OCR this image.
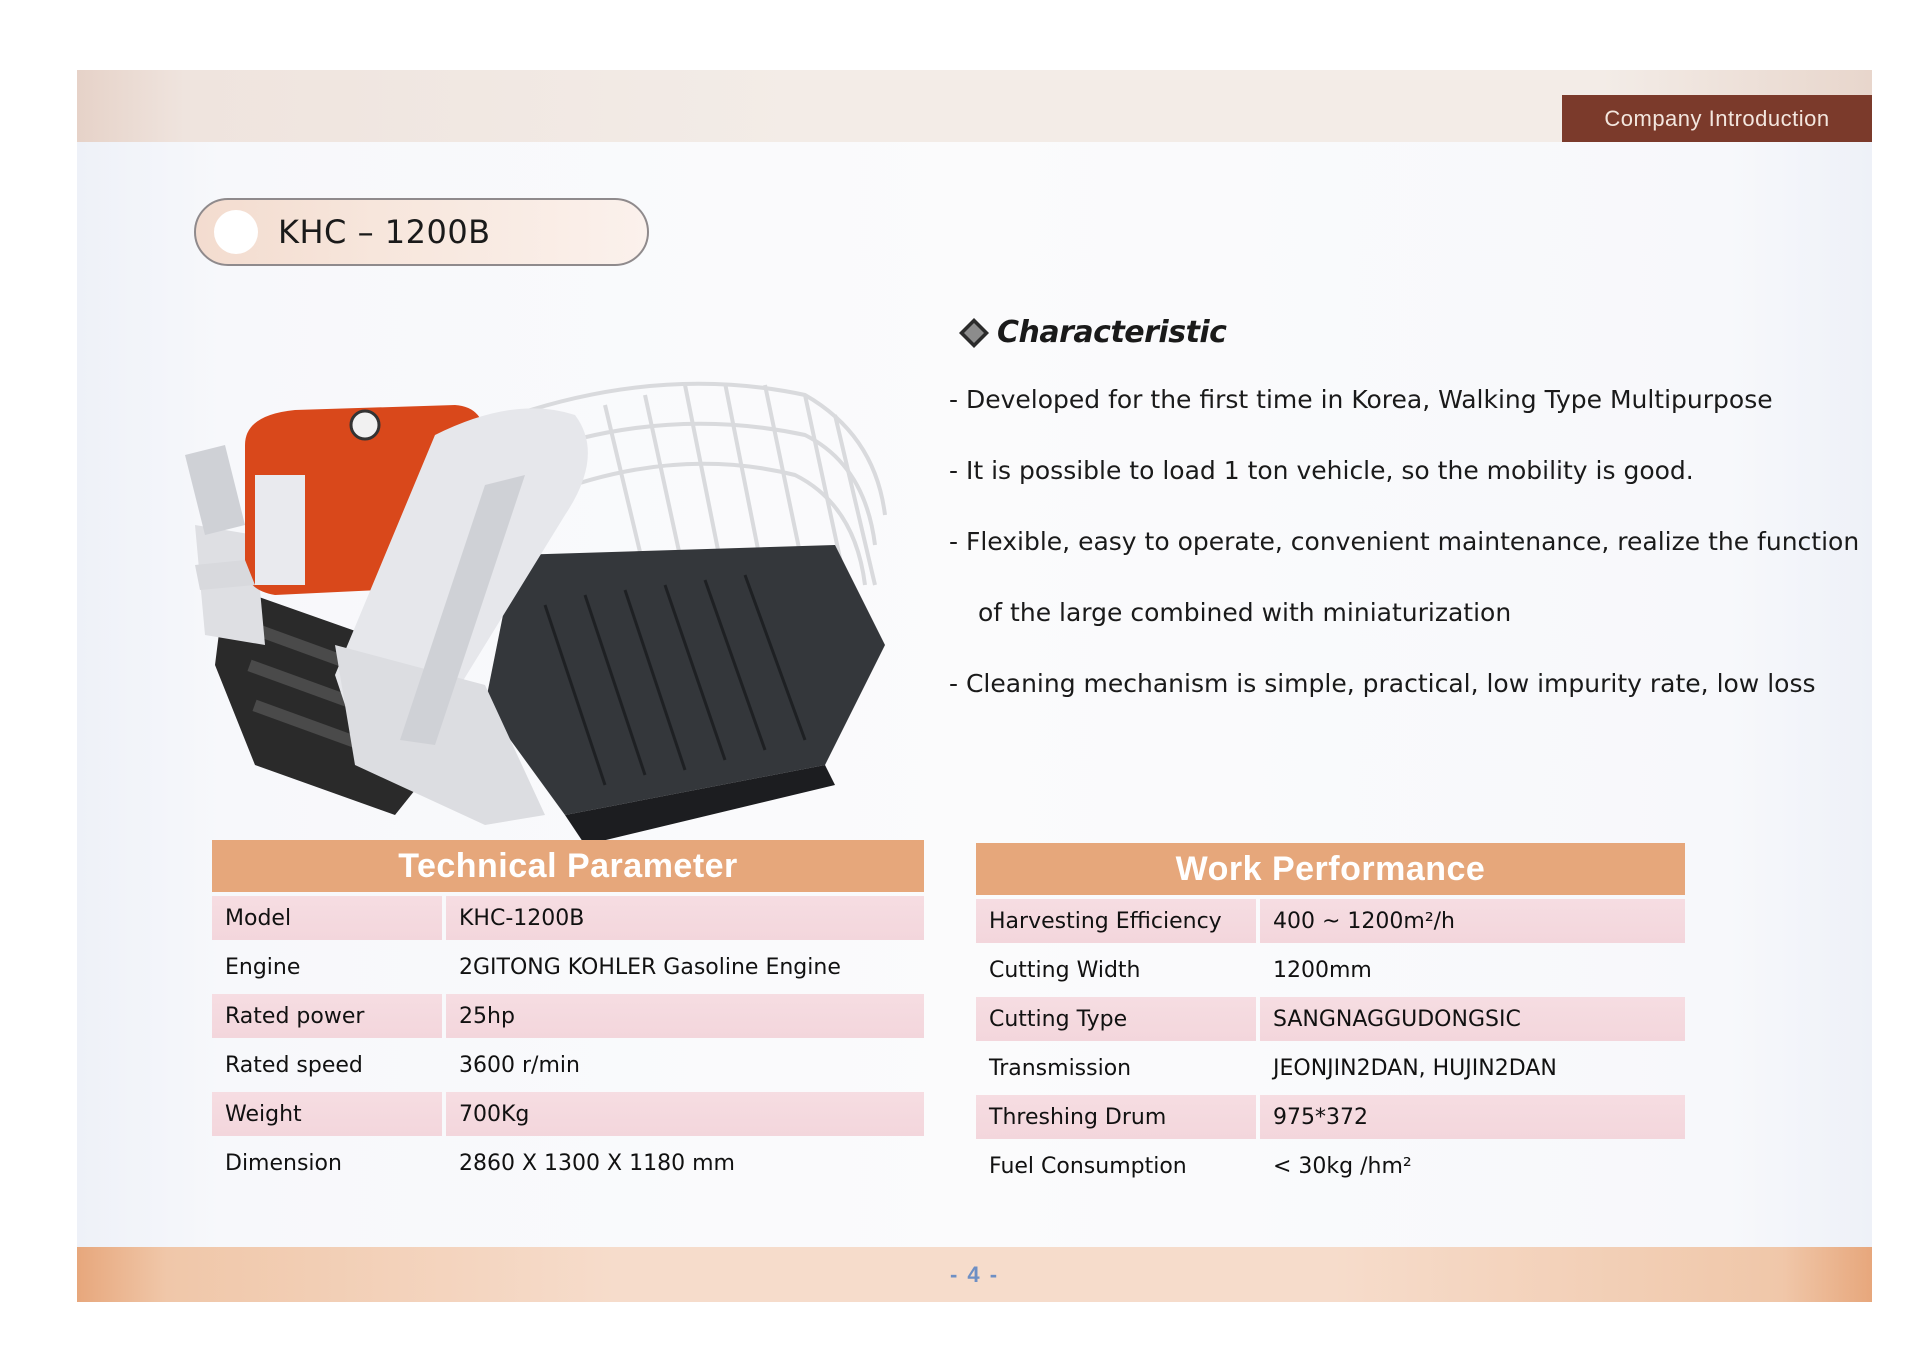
Company Introduction
KHC – 1200B
Characteristic
- Developed for the first time in Korea, Walking Type Multipurpose
- It is possible to load 1 ton vehicle, so the mobility is good.
- Flexible, easy to operate, convenient maintenance, realize the function
of the large combined with miniaturization
- Cleaning mechanism is simple, practical, low impurity rate, low loss
Technical Parameter
Model	KHC-1200B
Engine	2GITONG KOHLER Gasoline Engine
Rated power	25hp
Rated speed	3600 r/min
Weight	700Kg
Dimension	2860 X 1300 X 1180 mm
Work Performance
Harvesting Efficiency	400 ~ 1200m²/h
Cutting Width	1200mm
Cutting Type	SANGNAGGUDONGSIC
Transmission	JEONJIN2DAN, HUJIN2DAN
Threshing Drum	975*372
Fuel Consumption	< 30kg /hm²
- 4 -
